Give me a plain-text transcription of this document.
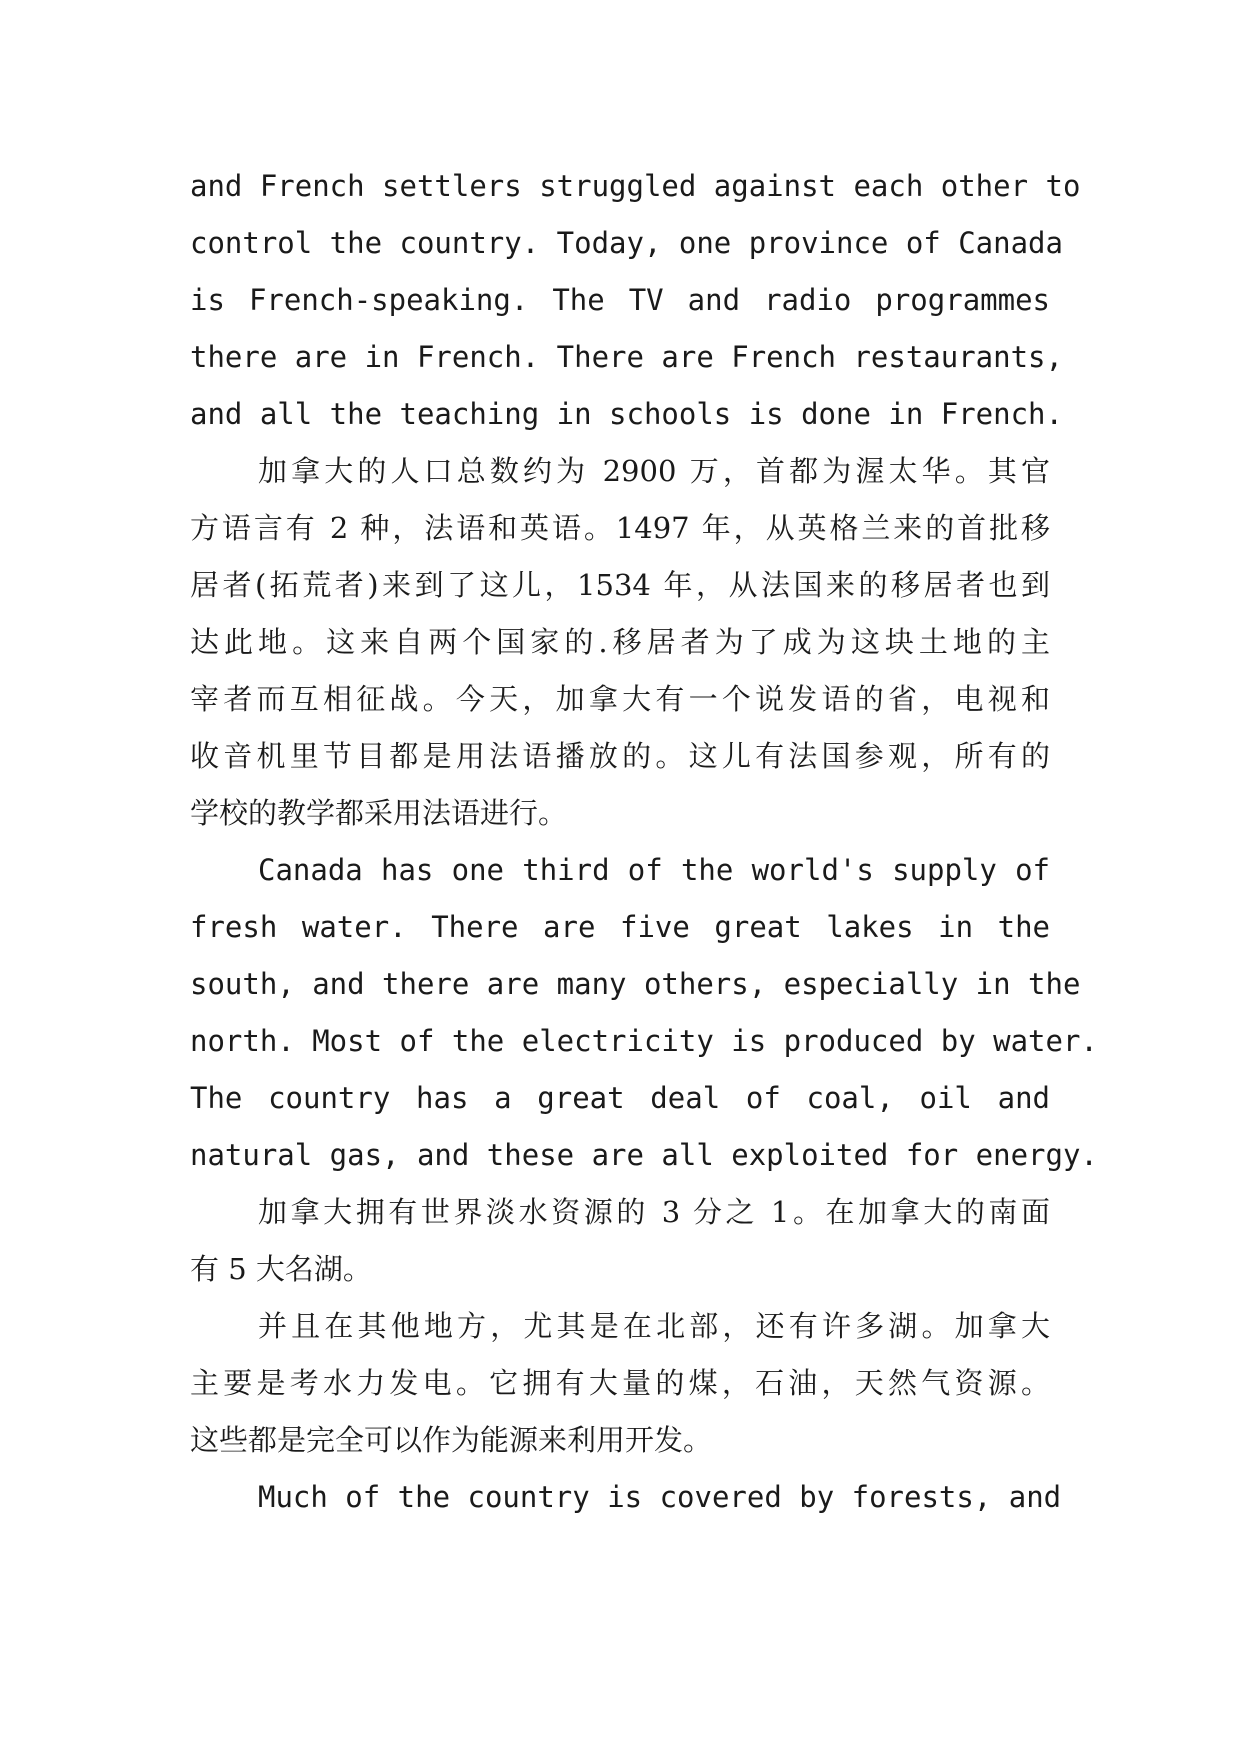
and French settlers struggled against each other to
control the country. Today, one province of Canada
is French-speaking. The TV and radio programmes
there are in French. There are French restaurants,
and all the teaching in schools is done in French.
加拿大的人口总数约为 2900 万，首都为渥太华。其官
方语言有 2 种，法语和英语。1497 年，从英格兰来的首批移
居者(拓荒者)来到了这儿，1534 年，从法国来的移居者也到
达此地。这来自两个国家的.移居者为了成为这块土地的主
宰者而互相征战。今天，加拿大有一个说发语的省，电视和
收音机里节目都是用法语播放的。这儿有法国参观，所有的
学校的教学都采用法语进行。
Canada has one third of the world's supply of
fresh water. There are five great lakes in the
south, and there are many others, especially in the
north. Most of the electricity is produced by water.
The country has a great deal of coal, oil and
natural gas, and these are all exploited for energy.
加拿大拥有世界淡水资源的 3 分之 1。在加拿大的南面
有 5 大名湖。
并且在其他地方，尤其是在北部，还有许多湖。加拿大
主要是考水力发电。它拥有大量的煤，石油，天然气资源。
这些都是完全可以作为能源来利用开发。
Much of the country is covered by forests, and
